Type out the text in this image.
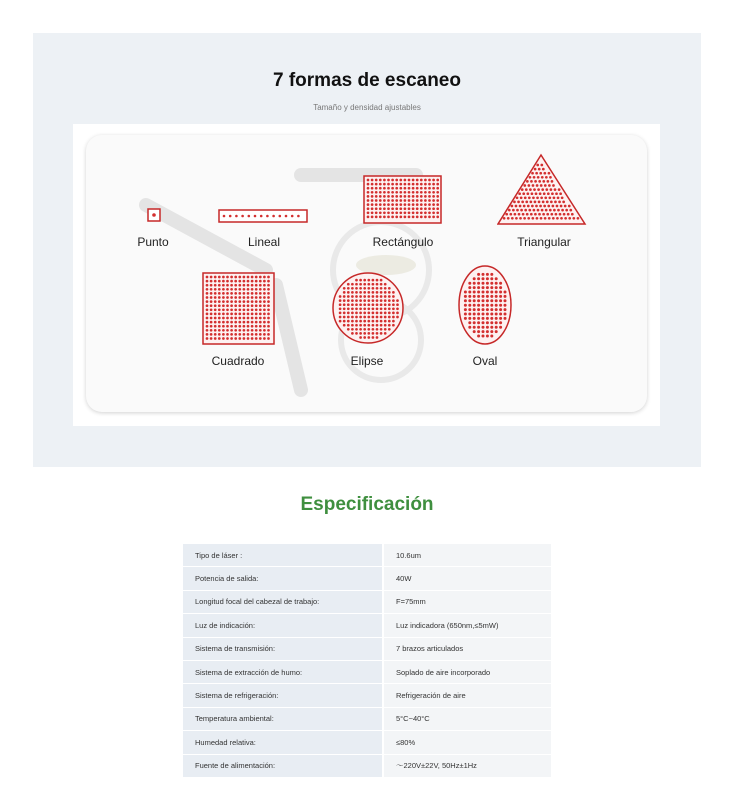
7 formas de escaneo
Tamaño y densidad ajustables
Punto	Lineal	Rectángulo	Triangular
Cuadrado	Elipse	Oval
Especificación
Tipo de láser :	10.6um
Potencia de salida:	40W
Longitud focal del cabezal de trabajo:	F=75mm
Luz de indicación:	Luz indicadora (650nm,≤5mW)
Sistema de transmisión:	7 brazos articulados
Sistema de extracción de humo:	Soplado de aire incorporado
Sistema de refrigeración:	Refrigeración de aire
Temperatura ambiental:	5°C~40°C
Humedad relativa:	≤80%
Fuente de alimentación:	～220V±22V, 50Hz±1Hz
